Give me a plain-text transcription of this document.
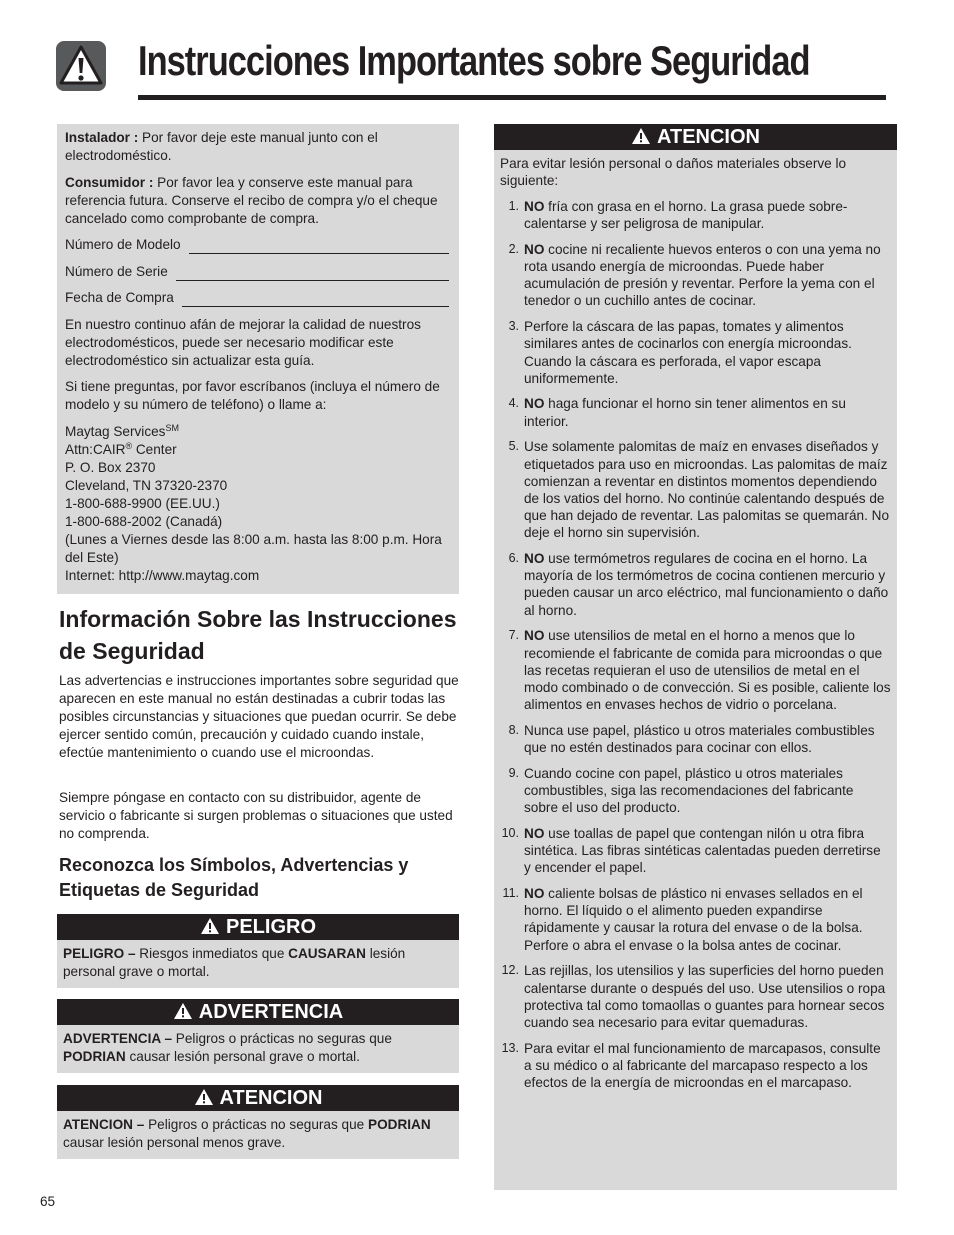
Instrucciones Importantes sobre Seguridad

Instalador : Por favor deje este manual junto con el electrodoméstico.

Consumidor : Por favor lea y conserve este manual para referencia futura. Conserve el recibo de compra y/o el cheque cancelado como comprobante de compra.

Número de Modelo
Número de Serie
Fecha de Compra

En nuestro continuo afán de mejorar la calidad de nuestros electrodomésticos, puede ser necesario modificar este electrodoméstico sin actualizar esta guía.

Si tiene preguntas, por favor escríbanos (incluya el número de modelo y su número de teléfono) o llame a:

Maytag Services℠
Attn:CAIR® Center
P. O. Box 2370
Cleveland, TN 37320-2370
1-800-688-9900 (EE.UU.)
1-800-688-2002 (Canadá)
(Lunes a Viernes desde las 8:00 a.m. hasta las 8:00 p.m. Hora del Este)
Internet: http://www.maytag.com
Información Sobre las Instrucciones de Seguridad
Las advertencias e instrucciones importantes sobre seguridad que aparecen en este manual no están destinadas a cubrir todas las posibles circunstancias y situaciones que puedan ocurrir. Se debe ejercer sentido común, precaución y cuidado cuando instale, efectúe mantenimiento o cuando use el microondas.
Siempre póngase en contacto con su distribuidor, agente de servicio o fabricante si surgen problemas o situaciones que usted no comprenda.
Reconozca los Símbolos, Advertencias y Etiquetas de Seguridad
PELIGRO
PELIGRO – Riesgos inmediatos que CAUSARAN lesión personal grave o mortal.
ADVERTENCIA
ADVERTENCIA – Peligros o prácticas no seguras que PODRIAN causar lesión personal grave o mortal.
ATENCION
ATENCION – Peligros o prácticas no seguras que PODRIAN causar lesión personal menos grave.
ATENCION

Para evitar lesión personal o daños materiales observe lo siguiente:

1. NO fría con grasa en el horno. La grasa puede sobre-calentarse y ser peligrosa de manipular.
2. NO cocine ni recaliente huevos enteros o con una yema no rota usando energía de microondas. Puede haber acumulación de presión y reventar. Perfore la yema con el tenedor o un cuchillo antes de cocinar.
3. Perfore la cáscara de las papas, tomates y alimentos similares antes de cocinarlos con energía microondas. Cuando la cáscara es perforada, el vapor escapa uniformemente.
4. NO haga funcionar el horno sin tener alimentos en su interior.
5. Use solamente palomitas de maíz en envases diseñados y etiquetados para uso en microondas. Las palomitas de maíz comienzan a reventar en distintos momentos dependiendo de los vatios del horno. No continúe calentando después de que han dejado de reventar. Las palomitas se quemarán. No deje el horno sin supervisión.
6. NO use termómetros regulares de cocina en el horno. La mayoría de los termómetros de cocina contienen mercurio y pueden causar un arco eléctrico, mal funcionamiento o daño al horno.
7. NO use utensilios de metal en el horno a menos que lo recomiende el fabricante de comida para microondas o que las recetas requieran el uso de utensilios de metal en el modo combinado o de convección. Si es posible, caliente los alimentos en envases hechos de vidrio o porcelana.
8. Nunca use papel, plástico u otros materiales combustibles que no estén destinados para cocinar con ellos.
9. Cuando cocine con papel, plástico u otros materiales combustibles, siga las recomendaciones del fabricante sobre el uso del producto.
10. NO use toallas de papel que contengan nilón u otra fibra sintética. Las fibras sintéticas calentadas pueden derretirse y encender el papel.
11. NO caliente bolsas de plástico ni envases sellados en el horno. El líquido o el alimento pueden expandirse rápidamente y causar la rotura del envase o de la bolsa. Perfore o abra el envase o la bolsa antes de cocinar.
12. Las rejillas, los utensilios y las superficies del horno pueden calentarse durante o después del uso. Use utensilios o ropa protectiva tal como tomaollas o guantes para hornear secos cuando sea necesario para evitar quemaduras.
13. Para evitar el mal funcionamiento de marcapasos, consulte a su médico o al fabricante del marcapaso respecto a los efectos de la energía de microondas en el marcapaso.
65
